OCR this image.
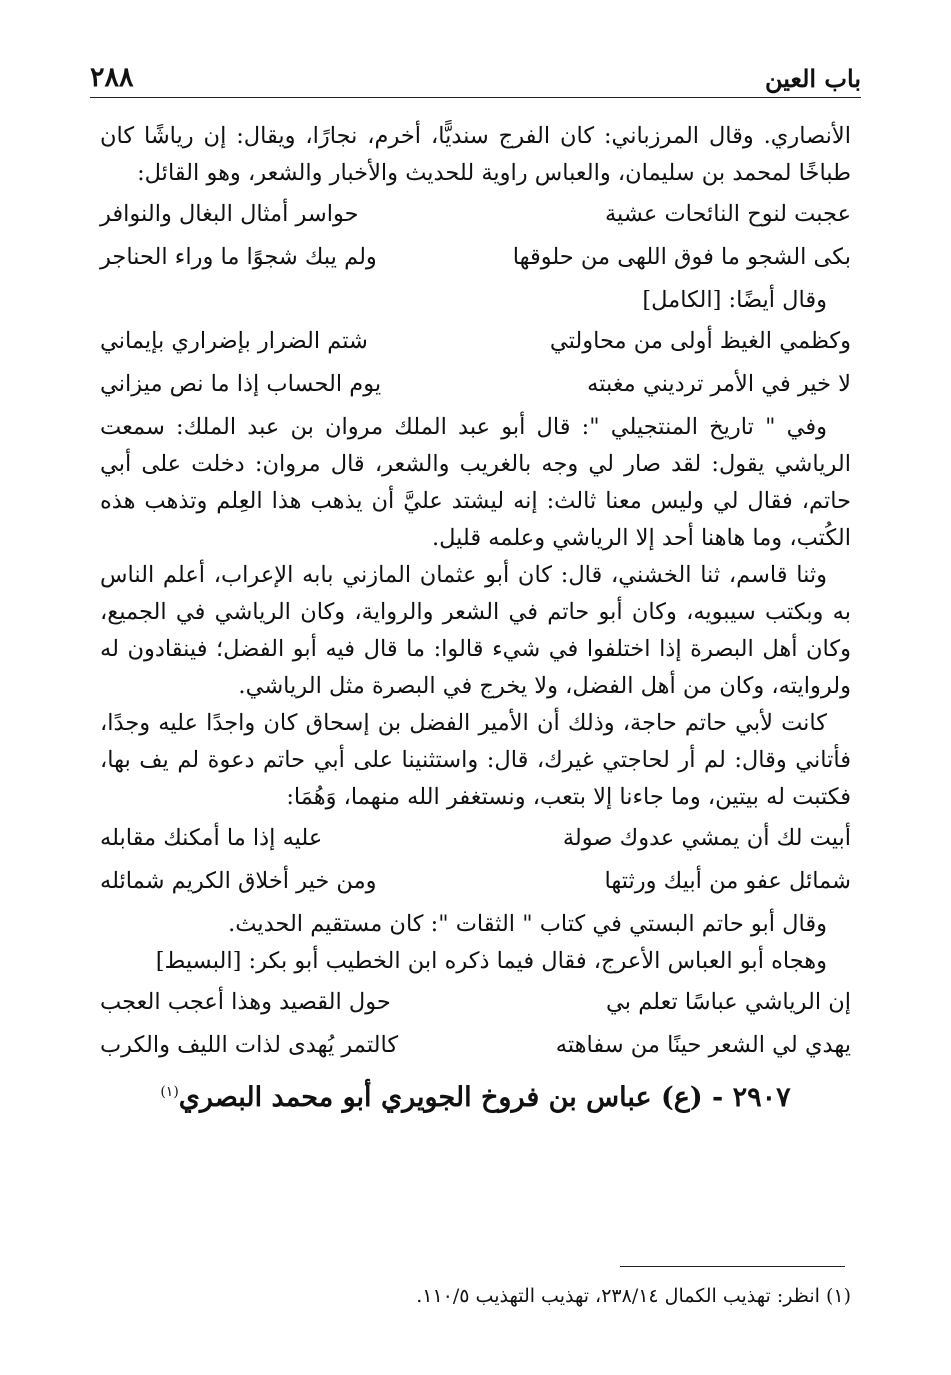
باب العين
٢٨٨

الأنصاري. وقال المرزباني: كان الفرج سنديًّا، أخرم، نجارًا، ويقال: إن رياشًا كان طباخًا لمحمد بن سليمان، والعباس راوية للحديث والأخبار والشعر، وهو القائل:

عجبت لنوح النائحات عشية
حواسر أمثال البغال والنوافر
بكى الشجو ما فوق اللهى من حلوقها
ولم يبك شجوًا ما وراء الحناجر

وقال أيضًا: [الكامل]

وكظمي الغيظ أولى من محاولتي
شتم الضرار بإضراري بإيماني
لا خير في الأمر ترديني مغبته
يوم الحساب إذا ما نص ميزاني

وفي " تاريخ المنتجيلي ": قال أبو عبد الملك مروان بن عبد الملك: سمعت الرياشي يقول: لقد صار لي وجه بالغريب والشعر، قال مروان: دخلت على أبي حاتم، فقال لي وليس معنا ثالث: إنه ليشتد عليَّ أن يذهب هذا العِلم وتذهب هذه الكُتب، وما هاهنا أحد إلا الرياشي وعلمه قليل.

وثنا قاسم، ثنا الخشني، قال: كان أبو عثمان المازني بابه الإعراب، أعلم الناس به وبكتب سيبويه، وكان أبو حاتم في الشعر والرواية، وكان الرياشي في الجميع، وكان أهل البصرة إذا اختلفوا في شيء قالوا: ما قال فيه أبو الفضل؛ فينقادون له ولروايته، وكان من أهل الفضل، ولا يخرج في البصرة مثل الرياشي.

كانت لأبي حاتم حاجة، وذلك أن الأمير الفضل بن إسحاق كان واجدًا عليه وجدًا، فأتاني وقال: لم أر لحاجتي غيرك، قال: واستثنينا على أبي حاتم دعوة لم يف بها، فكتبت له بيتين، وما جاءنا إلا بتعب، ونستغفر الله منهما، وَهُمَا:

أبيت لك أن يمشي عدوك صولة
عليه إذا ما أمكنك مقابله
شمائل عفو من أبيك ورثتها
ومن خير أخلاق الكريم شمائله

وقال أبو حاتم البستي في كتاب " الثقات ": كان مستقيم الحديث.

وهجاه أبو العباس الأعرج، فقال فيما ذكره ابن الخطيب أبو بكر: [البسيط]

إن الرياشي عباسًا تعلم بي
حول القصيد وهذا أعجب العجب
يهدي لي الشعر حينًا من سفاهته
كالتمر يُهدى لذات الليف والكرب
٢٩٠٧ - (ع) عباس بن فروخ الجويري أبو محمد البصري$^{(١)}$
(١) انظر: تهذيب الكمال ٢٣٨/١٤، تهذيب التهذيب ١١٠/٥.
